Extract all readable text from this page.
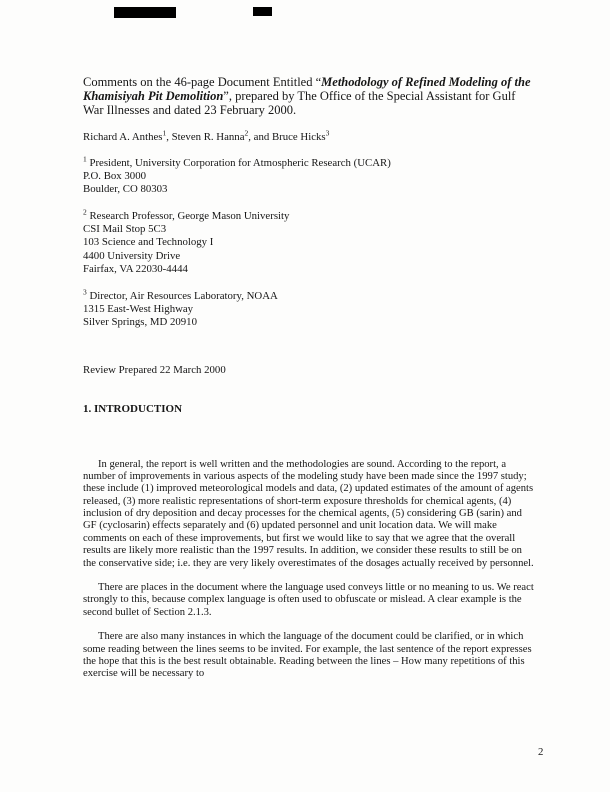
Comments on the 46-page Document Entitled “Methodology of Refined Modeling of the Khamisiyah Pit Demolition”, prepared by The Office of the Special Assistant for Gulf War Illnesses and dated 23 February 2000.

Richard A. Anthes$^1$, Steven R. Hanna$^2$, and Bruce Hicks$^3$

$^1$ President, University Corporation for Atmospheric Research (UCAR)
P.O. Box 3000
Boulder, CO 80303
$^2$ Research Professor, George Mason University
CSI Mail Stop 5C3
103 Science and Technology I
4400 University Drive
Fairfax, VA 22030-4444
$^3$ Director, Air Resources Laboratory, NOAA
1315 East-West Highway
Silver Springs, MD 20910

Review Prepared 22 March 2000

1. INTRODUCTION

In general, the report is well written and the methodologies are sound. According to the report, a number of improvements in various aspects of the modeling study have been made since the 1997 study; these include (1) improved meteorological models and data, (2) updated estimates of the amount of agents released, (3) more realistic representations of short-term exposure thresholds for chemical agents, (4) inclusion of dry deposition and decay processes for the chemical agents, (5) considering GB (sarin) and GF (cyclosarin) effects separately and (6) updated personnel and unit location data. We will make comments on each of these improvements, but first we would like to say that we agree that the overall results are likely more realistic than the 1997 results. In addition, we consider these results to still be on the conservative side; i.e. they are very likely overestimates of the dosages actually received by personnel.

There are places in the document where the language used conveys little or no meaning to us. We react strongly to this, because complex language is often used to obfuscate or mislead. A clear example is the second bullet of Section 2.1.3.

There are also many instances in which the language of the document could be clarified, or in which some reading between the lines seems to be invited. For example, the last sentence of the report expresses the hope that this is the best result obtainable. Reading between the lines – How many repetitions of this exercise will be necessary to

2
